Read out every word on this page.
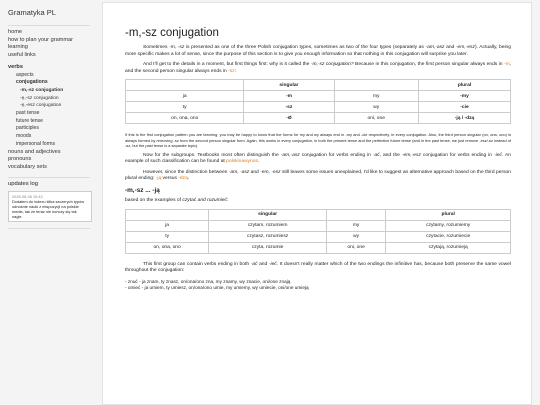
Gramatyka PL
home
how to plan your grammar learning
useful links
verbs
aspects
conjugations
-m,-sz conjugation
-ę,-sz conjugation
-ę,-esz conjugation
past tense
future tense
participles
moods
impersonal forms
nouns and adjectives
pronouns
vocabulary sets
updates log
2026-08-06 19:43
Dodałem do indexu kilka szczerych typów odnośnie nauki z ekspozycji na polskie media, tak że teraz nie kończy się tak nagle.
-m,-sz conjugation

Sometimes -m, -sz is presented as one of the three Polish conjugation types, sometimes as two of the four types (separately as -am,-asz and -em,-esz). Actually, being more specific makes a lot of sense, since the purpose of this section is to give you enough information so that nothing in this conjugation will surprise you later.

And I'll get to the details in a moment, but first things first: why is it called the -m,-sz conjugation? Because in this conjugation, the first person singular always ends in -m, and the second person singular always ends in -sz:

	singular		plural
ja	-m	my	-my
ty	-sz	wy	-cie
on, ona, ono	-Ø	oni, one	-ją / -dzą

If this is the first conjugation pattern you are learning, you may be happy to know that the forms for my and wy always end in -my and -cie respectively, in every conjugation. Also, the third person singular (on, ona, ono) is always formed by removing -sz from the second person singular form. Again, this works in every conjugation, in both the present tense and the perfective future tense (and in the past tense, we just remove -esz/-sz instead of -sz, but the past tense is a separate topic).

Now for the subgroups. Textbooks most often distinguish the -am,-asz conjugation for verbs ending in -ać, and the -em,-esz conjugation for verbs ending in -ieć. An example of such classification can be found at polskinawynos.

However, since the distinction between -am, -asz and -em, -esz still leaves some issues unexplained, I'd like to suggest an alternative approach based on the third person plural ending: -ją versus -dzą.

-m,-sz ... -ją

based on the examples of czytać and rozumieć:

	singular		plural
ja	czytam, rozumiem	my	czytamy, rozumiemy
ty	czytasz, rozumiesz	wy	czytacie, rozumiecie
on, ona, ono	czyta, rozumie	oni, one	czytają, rozumieją

This first group can contain verbs ending in both -ać and -ieć. It doesn't really matter which of the two endings the infinitive has, because both preserve the same vowel throughout the conjugation:

- znuć - ja znam, ty znasz, on/ona/ono zna, my znamy, wy znacie, oni/one znają
- umieć - ja umiem, ty umiesz, on/ona/ono umie, my umiemy, wy umiecie, oni/one umieją
